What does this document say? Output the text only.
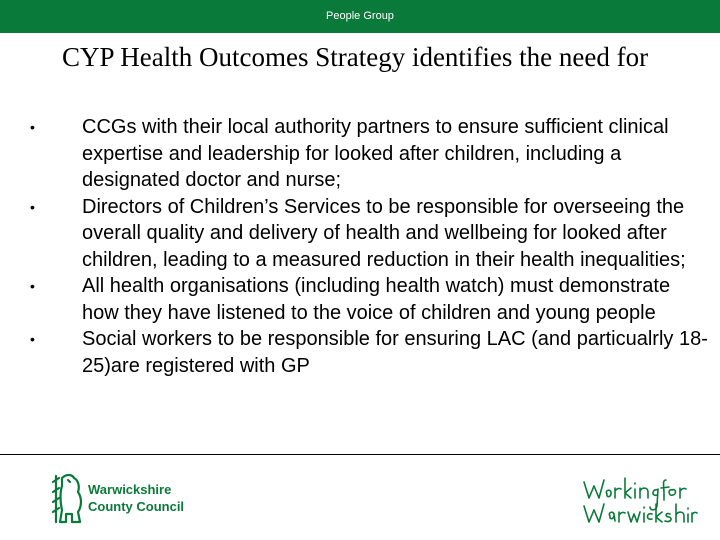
People Group
CYP Health Outcomes Strategy identifies the need for
• CCGs with their local authority partners to ensure sufficient clinical expertise and leadership for looked after children, including a designated doctor and nurse;
• Directors of Children’s Services to be responsible for overseeing the overall quality and delivery of health and wellbeing for looked after children, leading to a measured reduction in their health inequalities;
• All health organisations (including health watch) must demonstrate how they have listened to the voice of children and young people
• Social workers to be responsible for ensuring LAC (and particualrly 18-25)are registered with GP
Warwickshire
County Council
